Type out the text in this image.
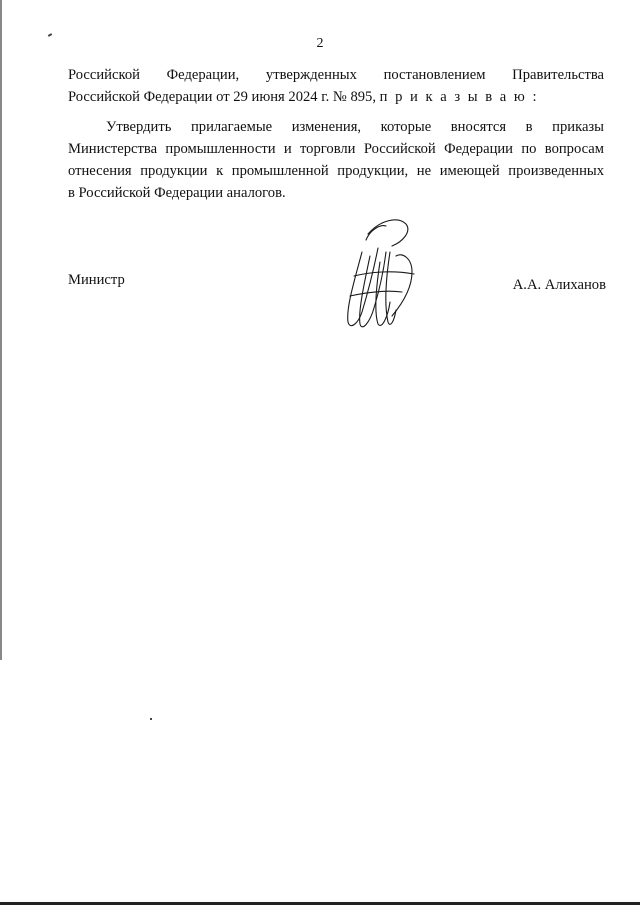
2
Российской Федерации, утвержденных постановлением Правительства
Российской Федерации от 29 июня 2024 г. № 895, п р и к а з ы в а ю :
Утвердить прилагаемые изменения, которые вносятся в приказы
Министерства промышленности и торговли Российской Федерации по вопросам
отнесения продукции к промышленной продукции, не имеющей произведенных
в Российской Федерации аналогов.
Министр	А.А. Алиханов
